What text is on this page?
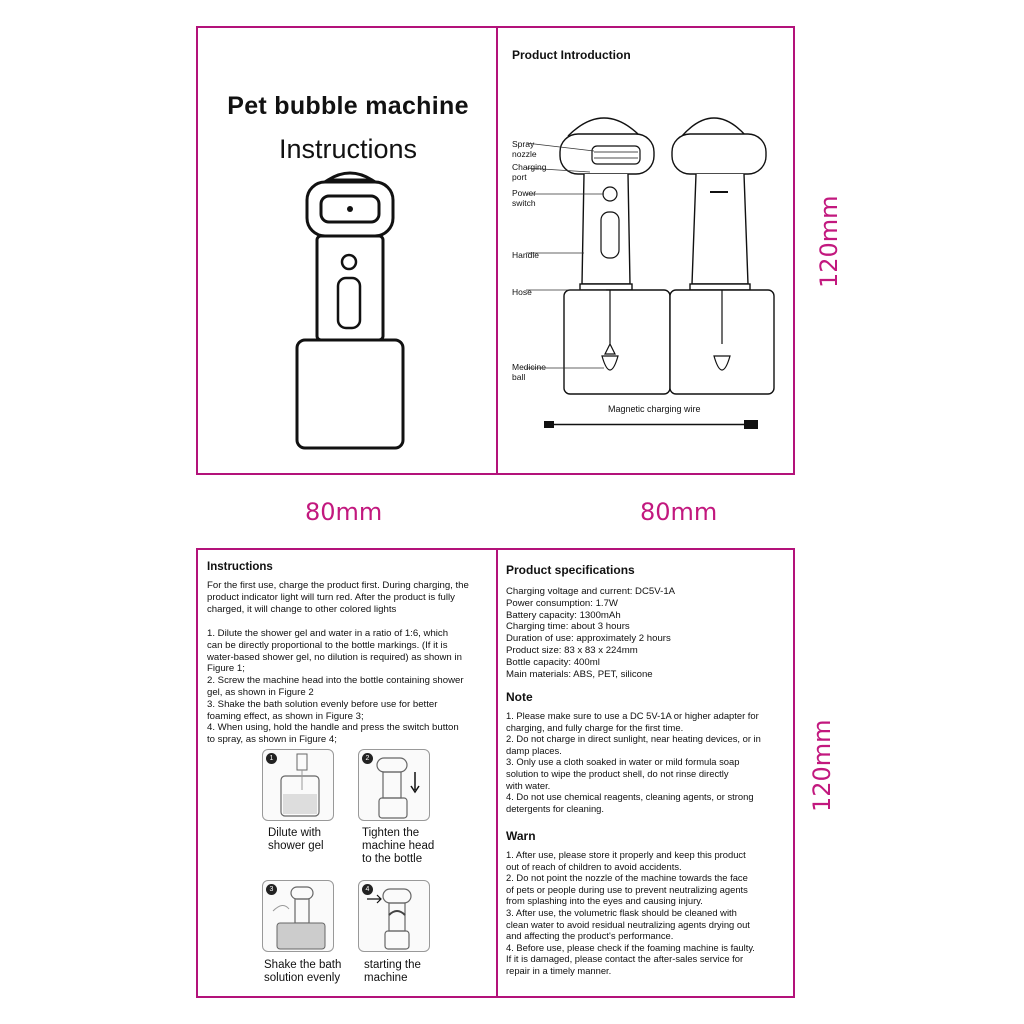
Pet bubble machine
Instructions
Product Introduction
Spray
nozzle
Charging
port
Power
switch
Handle
Hose
Medicine
ball
Magnetic charging wire
80mm	80mm
120mm
Instructions

For the first use, charge the product first. During charging, the

product indicator light will turn red. After the product is fully

charged, it will change to other colored lights

1. Dilute the shower gel and water in a ratio of 1:6, which

can be directly proportional to the bottle markings. (If it is

water-based shower gel, no dilution is required) as shown in

Figure 1;

2. Screw the machine head into the bottle containing shower

gel, as shown in Figure 2

3. Shake the bath solution evenly before use for better

foaming effect, as shown in Figure 3;

4. When using, hold the handle and press the switch button

to spray, as shown in Figure 4;

1
Dilute with
shower gel
2
Tighten the
machine head
to the bottle
3
Shake the bath
solution evenly
4
starting the
machine
Product specifications

Charging voltage and current: DC5V-1A

Power consumption: 1.7W

Battery capacity: 1300mAh

Charging time: about 3 hours

Duration of use: approximately 2 hours

Product size: 83 x 83 x 224mm

Bottle capacity: 400ml

Main materials: ABS, PET, silicone

Note

1. Please make sure to use a DC 5V-1A or higher adapter for

charging, and fully charge for the first time.

2. Do not charge in direct sunlight, near heating devices, or in

damp places.

3. Only use a cloth soaked in water or mild formula soap

solution to wipe the product shell, do not rinse directly

with water.

4. Do not use chemical reagents, cleaning agents, or strong

detergents for cleaning.

Warn

1. After use, please store it properly and keep this product

out of reach of children to avoid accidents.

2. Do not point the nozzle of the machine towards the face

of pets or people during use to prevent neutralizing agents

from splashing into the eyes and causing injury.

3. After use, the volumetric flask should be cleaned with

clean water to avoid residual neutralizing agents drying out

and affecting the product's performance.

4. Before use, please check if the foaming machine is faulty.

If it is damaged, please contact the after-sales service for

repair in a timely manner.

120mm
